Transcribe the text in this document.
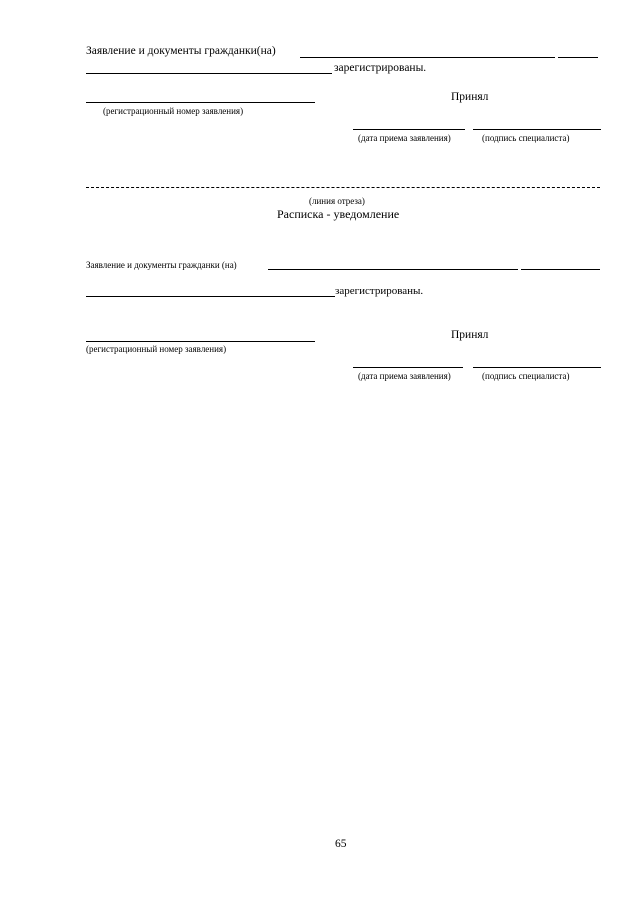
Заявление и документы гражданки(на)
зарегистрированы.
Принял
(регистрационный номер заявления)
(дата приема заявления)	(подпись специалиста)
(линия отреза)
Расписка - уведомление
Заявление и документы гражданки (на)
зарегистрированы.
Принял
(регистрационный номер заявления)
(дата приема заявления)	(подпись специалиста)
65
